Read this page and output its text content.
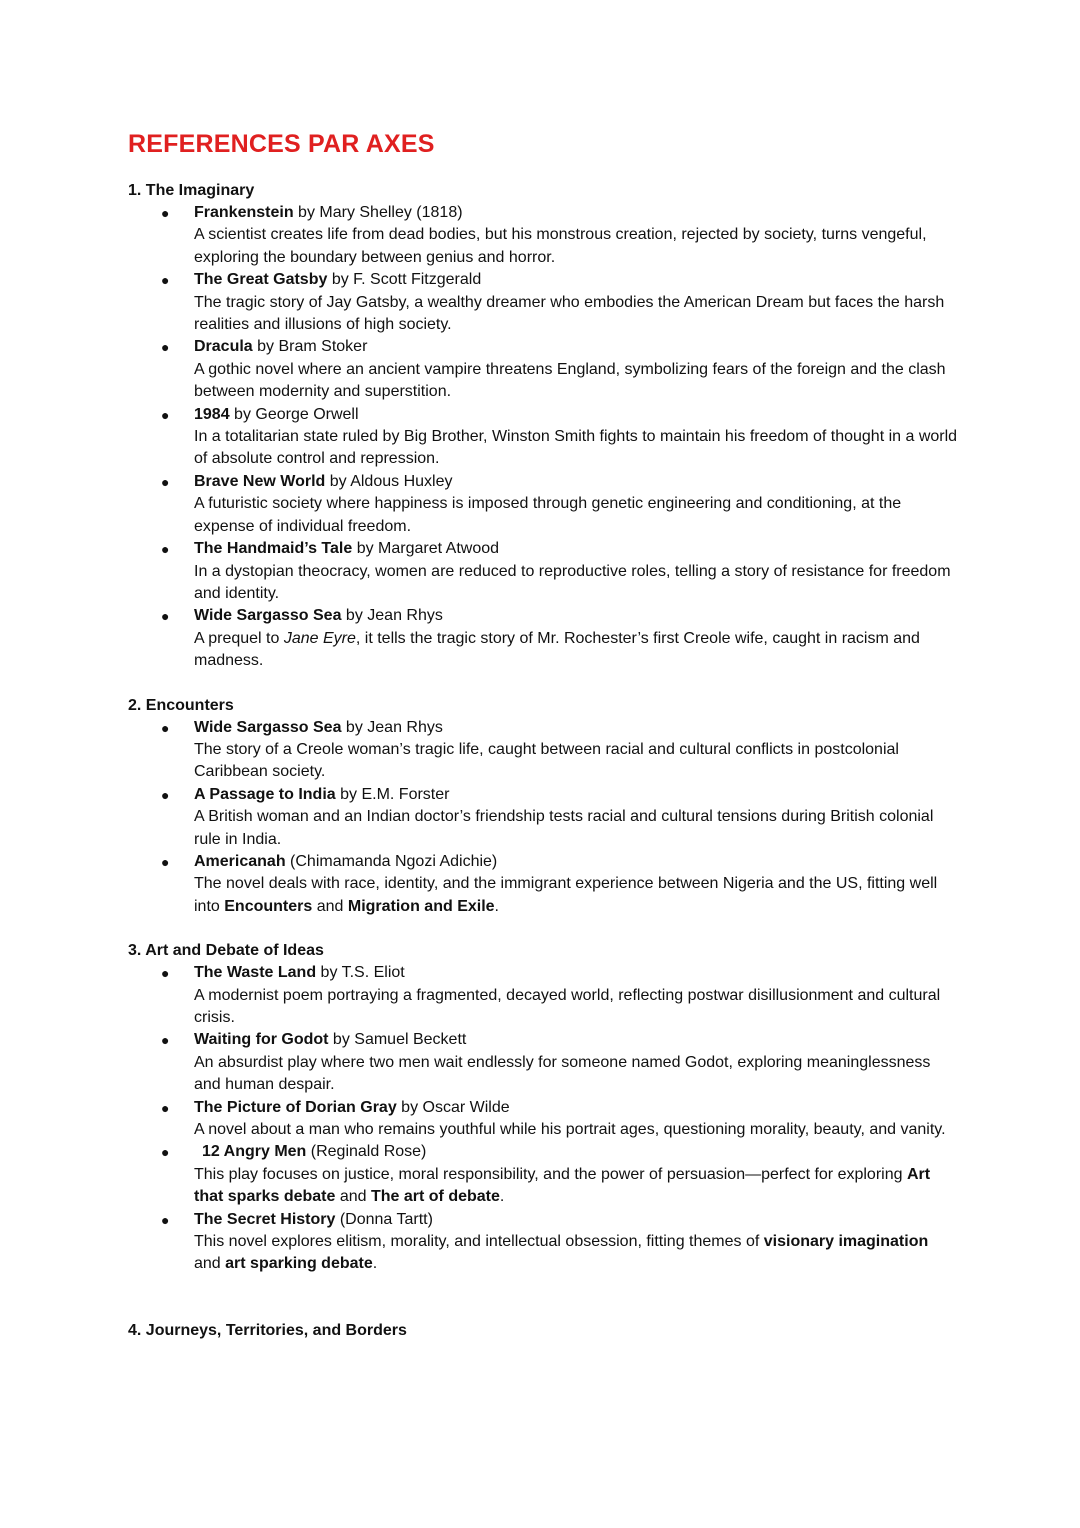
REFERENCES PAR AXES
1. The Imaginary
● Frankenstein by Mary Shelley (1818)
A scientist creates life from dead bodies, but his monstrous creation, rejected by society, turns vengeful, exploring the boundary between genius and horror.
● The Great Gatsby by F. Scott Fitzgerald
The tragic story of Jay Gatsby, a wealthy dreamer who embodies the American Dream but faces the harsh realities and illusions of high society.
● Dracula by Bram Stoker
A gothic novel where an ancient vampire threatens England, symbolizing fears of the foreign and the clash between modernity and superstition.
● 1984 by George Orwell
In a totalitarian state ruled by Big Brother, Winston Smith fights to maintain his freedom of thought in a world of absolute control and repression.
● Brave New World by Aldous Huxley
A futuristic society where happiness is imposed through genetic engineering and conditioning, at the expense of individual freedom.
● The Handmaid’s Tale by Margaret Atwood
In a dystopian theocracy, women are reduced to reproductive roles, telling a story of resistance for freedom and identity.
● Wide Sargasso Sea by Jean Rhys
A prequel to Jane Eyre, it tells the tragic story of Mr. Rochester’s first Creole wife, caught in racism and madness.
2. Encounters
● Wide Sargasso Sea by Jean Rhys
The story of a Creole woman’s tragic life, caught between racial and cultural conflicts in postcolonial Caribbean society.
● A Passage to India by E.M. Forster
A British woman and an Indian doctor’s friendship tests racial and cultural tensions during British colonial rule in India.
● Americanah (Chimamanda Ngozi Adichie)
The novel deals with race, identity, and the immigrant experience between Nigeria and the US, fitting well into Encounters and Migration and Exile.
3. Art and Debate of Ideas
● The Waste Land by T.S. Eliot
A modernist poem portraying a fragmented, decayed world, reflecting postwar disillusionment and cultural crisis.
● Waiting for Godot by Samuel Beckett
An absurdist play where two men wait endlessly for someone named Godot, exploring meaninglessness and human despair.
● The Picture of Dorian Gray by Oscar Wilde
A novel about a man who remains youthful while his portrait ages, questioning morality, beauty, and vanity.
● 12 Angry Men (Reginald Rose)
This play focuses on justice, moral responsibility, and the power of persuasion—perfect for exploring Art that sparks debate and The art of debate.
● The Secret History (Donna Tartt)
This novel explores elitism, morality, and intellectual obsession, fitting themes of visionary imagination and art sparking debate.
4. Journeys, Territories, and Borders
